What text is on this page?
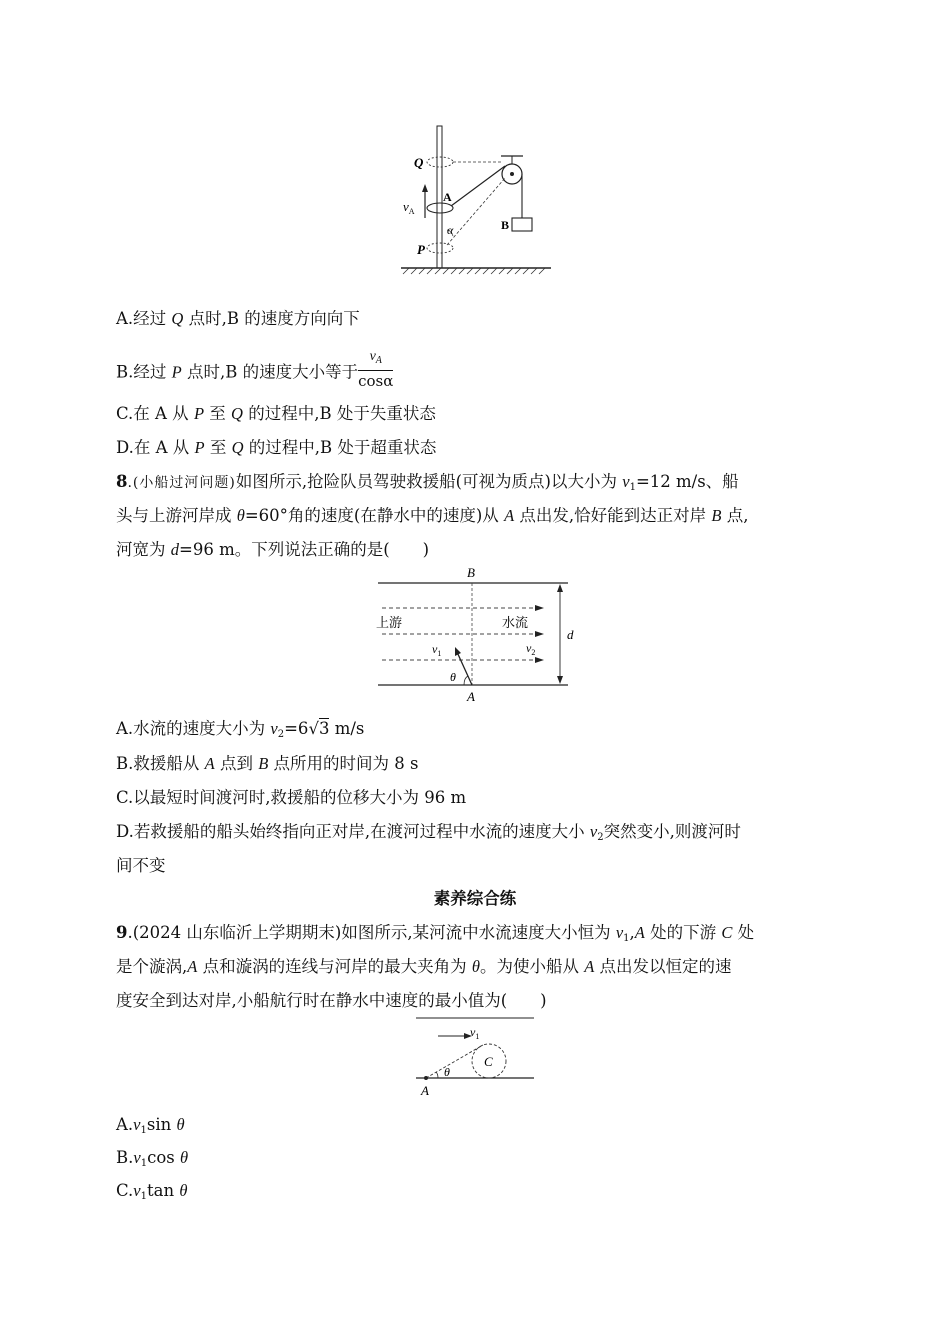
Q
A
$v_A$
B
P
α
A.经过 Q 点时,B 的速度方向向下
B.经过 P 点时,B 的速度大小等于 $\frac{v_A}{\cos\alpha}$
C.在 A 从 P 至 Q 的过程中,B 处于失重状态
D.在 A 从 P 至 Q 的过程中,B 处于超重状态
8.(小船过河问题)如图所示,抢险队员驾驶救援船(可视为质点)以大小为 $v_1=12$ m/s、船
头与上游河岸成 θ=60°角的速度(在静水中的速度)从 A 点出发,恰好能到达正对岸 B 点,
河宽为 d=96 m。下列说法正确的是(　　)
B
上游	水流
d
$v_1$	$v_2$
θ
A
A.水流的速度大小为 $v_2=6√3$ m/s
B.救援船从 A 点到 B 点所用的时间为 8 s
C.以最短时间渡河时,救援船的位移大小为 96 m
D.若救援船的船头始终指向正对岸,在渡河过程中水流的速度大小 $v_2$突然变小,则渡河时
间不变
素养综合练
9.(2024 山东临沂上学期期末)如图所示,某河流中水流速度大小恒为 $v_1,A$ 处的下游 C 处
是个漩涡,A 点和漩涡的连线与河岸的最大夹角为 θ。为使小船从 A 点出发以恒定的速
度安全到达对岸,小船航行时在静水中速度的最小值为(　　)
$v_1$
C
θ
A
$A.v_1\sin$ θ
$B.v_1\cos$ θ
$C.v_1\tan$ θ
